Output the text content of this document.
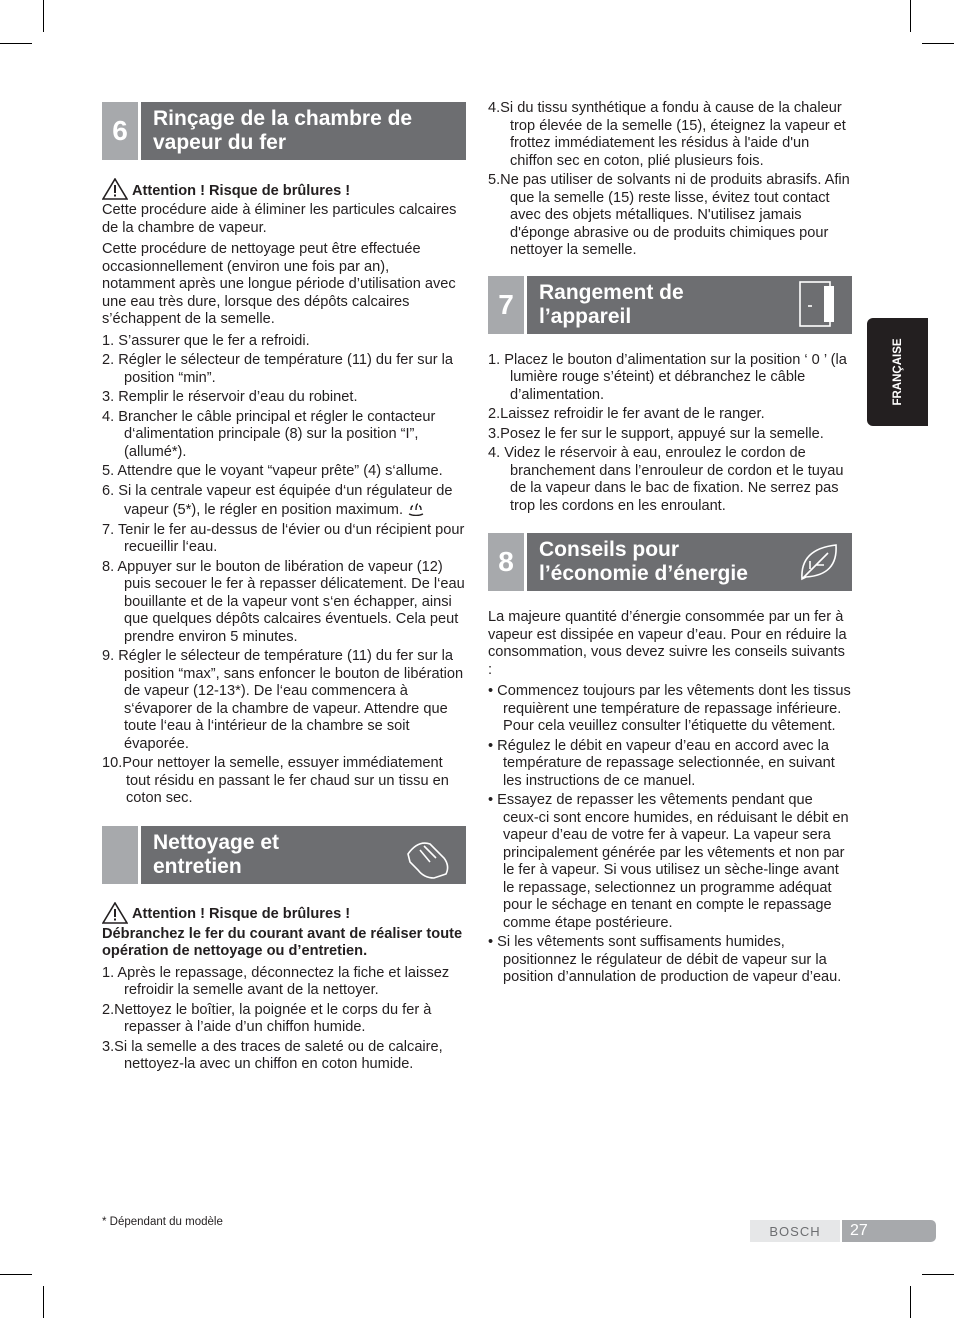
6	Rinçage de la chambre de vapeur du fer
Attention ! Risque de brûlures !

Cette procédure aide à éliminer les particules calcaires de la chambre de vapeur.

Cette procédure de nettoyage peut être effectuée occasionnellement (environ une fois par an), notamment après une longue période d’utilisation avec une eau très dure, lorsque des dépôts calcaires s’échappent de la semelle.

1. S’assurer que le fer a refroidi.
2. Régler le sélecteur de température (11) du fer sur la position “min”.
3. Remplir le réservoir d’eau du robinet.
4. Brancher le câble principal et régler le contacteur d‘alimentation principale (8) sur la position “I”, (allumé*).
5. Attendre que le voyant “vapeur prête” (4) s‘allume.
6. Si la centrale vapeur est équipée d‘un régulateur de vapeur (5*), le régler en position maximum.
7. Tenir le fer au-dessus de l‘évier ou d‘un récipient pour recueillir l‘eau.
8. Appuyer sur le bouton de libération de vapeur (12) puis secouer le fer à repasser délicatement. De l‘eau bouillante et de la vapeur vont s‘en échapper, ainsi que quelques dépôts calcaires éventuels. Cela peut prendre environ 5 minutes.
9. Régler le sélecteur de température (11) du fer sur la position “max”, sans enfoncer le bouton de libération de vapeur (12-13*). De l‘eau commencera à s‘évaporer de la chambre de vapeur. Attendre que toute l‘eau à l‘intérieur de la chambre se soit évaporée.
10.Pour nettoyer la semelle, essuyer immédiatement tout résidu en passant le fer chaud sur un tissu en coton sec.
Nettoyage et entretien
Attention ! Risque de brûlures !

Débranchez le fer du courant avant de réaliser toute opération de nettoyage ou d’entretien.

1. Après le repassage, déconnectez la fiche et laissez refroidir la semelle avant de la nettoyer.
2.Nettoyez le boîtier, la poignée et le corps du fer à repasser à l’aide d’un chiffon humide.
3.Si la semelle a des traces de saleté ou de calcaire, nettoyez-la avec un chiffon en coton humide.
4.Si du tissu synthétique a fondu à cause de la chaleur trop élevée de la semelle (15), éteignez la vapeur et frottez immédiatement les résidus à l'aide d'un chiffon sec en coton, plié plusieurs fois.
5.Ne pas utiliser de solvants ni de produits abrasifs. Afin que la semelle (15) reste lisse, évitez tout contact avec des objets métalliques. N'utilisez jamais d'éponge abrasive ou de produits chimiques pour nettoyer la semelle.
7	Rangement de l’appareil
1. Placez le bouton d’alimentation sur la position ‘ 0 ’ (la lumière rouge s’éteint) et débranchez le câble d’alimentation.
2.Laissez refroidir le fer avant de le ranger.
3.Posez le fer sur le support, appuyé sur la semelle.
4. Videz le réservoir à eau, enroulez le cordon de branchement dans l’enrouleur de cordon et le tuyau de la vapeur dans le bac de fixation. Ne serrez pas trop les cordons en les enroulant.
8	Conseils pour l’économie d’énergie

La majeure quantité d’énergie consommée par un fer à vapeur est dissipée en vapeur d’eau. Pour en réduire la consommation, vous devez suivre les conseils suivants :

• Commencez toujours par les vêtements dont les tissus requièrent une température de repassage inférieure. Pour cela veuillez consulter l’étiquette du vêtement.
• Régulez le débit en vapeur d’eau en accord avec la température de repassage selectionnée, en suivant les instructions de ce manuel.
• Essayez de repasser les vêtements pendant que ceux-ci sont encore humides, en réduisant le débit en vapeur d’eau de votre fer à vapeur. La vapeur sera principalement générée par les vêtements et non par le fer à vapeur. Si vous utilisez un sèche-linge avant le repassage, selectionnez un programme adéquat pour le séchage en tenant en compte le repassage comme étape postérieure.
• Si les vêtements sont suffisaments humides, positionnez le régulateur de débit de vapeur sur la position d’annulation de production de vapeur d’eau.
FRANÇAISE
* Dépendant du modèle
BOSCH	27
